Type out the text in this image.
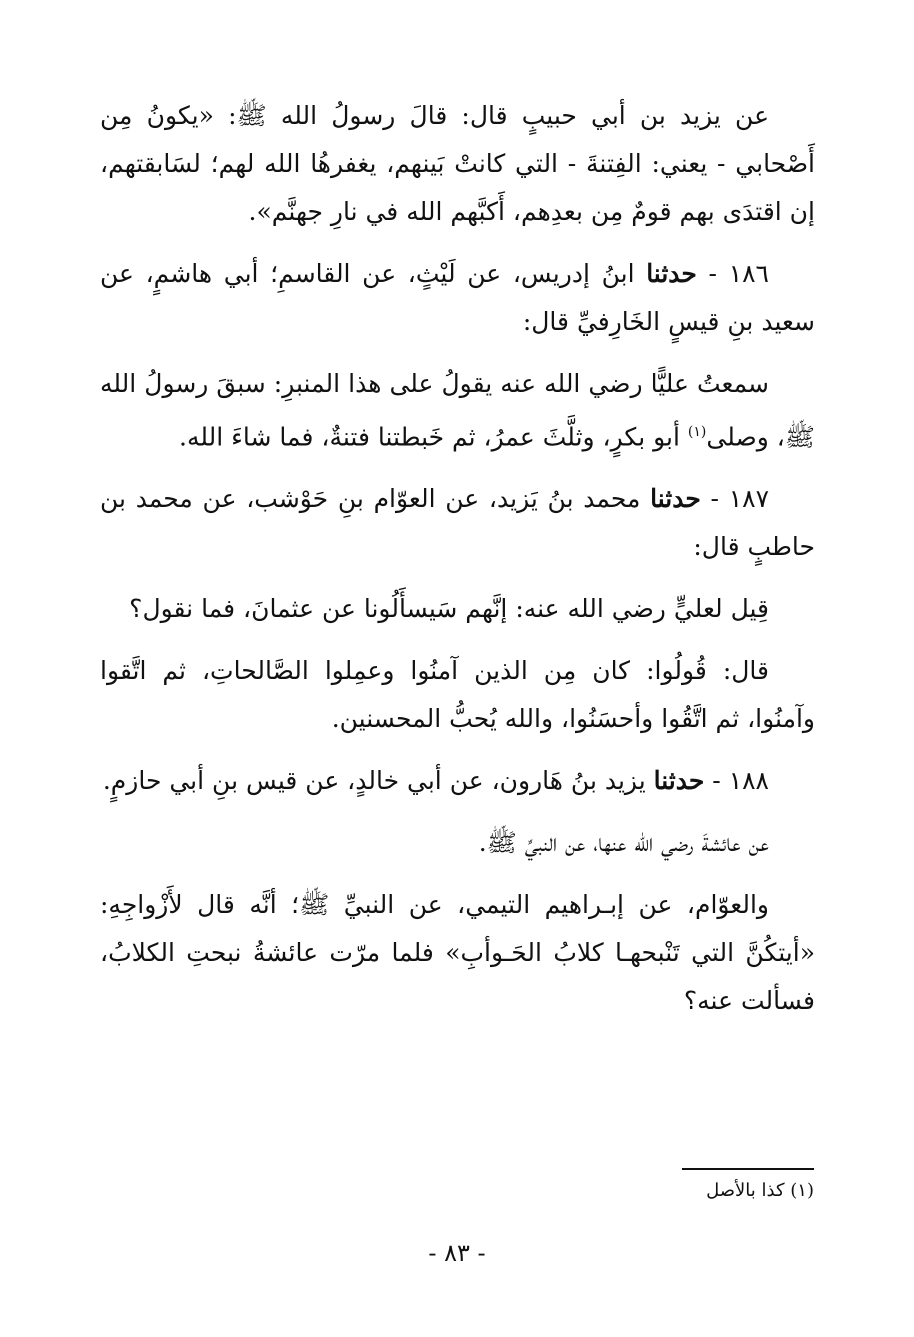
عن يزيد بن أبي حبيبٍ قال: قالَ رسولُ الله ﷺ: «يكونُ مِن أَصْحابي - يعني: الفِتنةَ - التي كانتْ بَينهم، يغفرهُا الله لهم؛ لسَابقتهم، إن اقتدَى بهم قومٌ مِن بعدِهم، أَكبَّهم الله في نارِ جهنَّم».

١٨٦ - حدثنا ابنُ إدريس، عن لَيْثٍ، عن القاسمِ؛ أبي هاشمٍ، عن سعيد بنِ قيسٍ الخَارِفيِّ قال:

سمعتُ عليًّا رضي الله عنه يقولُ على هذا المنبرِ: سبقَ رسولُ الله ﷺ، وصلى$^{(١)}$ أبو بكرٍ، وثلَّثَ عمرُ، ثم خَبطتنا فتنةٌ، فما شاءَ الله.

١٨٧ - حدثنا محمد بنُ يَزيد، عن العوّام بنِ حَوْشب، عن محمد بن حاطبٍ قال:

قِيل لعليٍّ رضي الله عنه: إنَّهم سَيسأَلُونا عن عثمانَ، فما نقول؟

قال: قُولُوا: كان مِن الذين آمنُوا وعمِلوا الصَّالحاتِ، ثم اتَّقوا وآمنُوا، ثم اتَّقُوا وأحسَنُوا، والله يُحبُّ المحسنين.

١٨٨ - حدثنا يزيد بنُ هَارون، عن أبي خالدٍ، عن قيس بنِ أبي حازمٍ.

عن عائشةَ رضي الله عنها، عن النبيِّ ﷺ.

والعوّام، عن إبـراهيم التيمي، عن النبيِّ ﷺ؛ أنَّه قال لأَزْواجِهِ: «أيتكُنَّ التي تَنْبحهـا كلابُ الحَـوأبِ» فلما مرّت عائشةُ نبحتِ الكلابُ، فسألت عنه؟

(١) كذا بالأصل
- ٨٣ -
